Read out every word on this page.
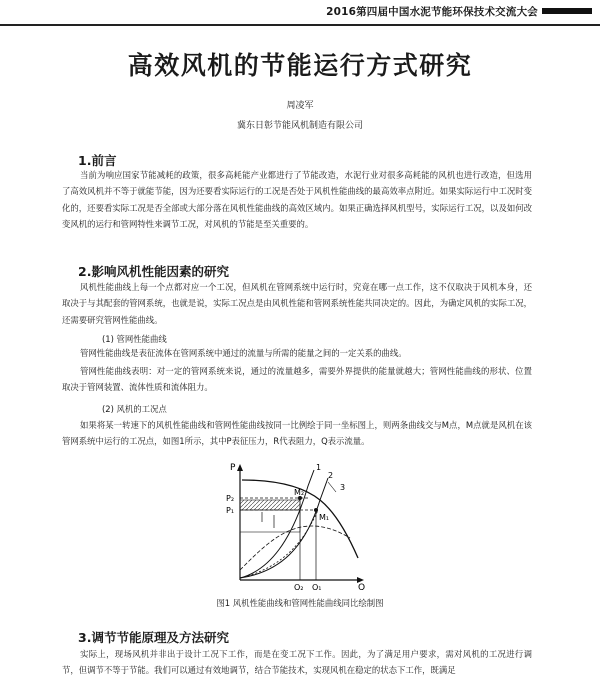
2016第四届中国水泥节能环保技术交流大会
高效风机的节能运行方式研究
周凌军
冀东日彰节能风机制造有限公司
1.前言

当前为响应国家节能减耗的政策，很多高耗能产业都进行了节能改造，水泥行业对很多高耗能的风机也进行改造，但选用了高效风机并不等于就能节能，因为还要看实际运行的工况是否处于风机性能曲线的最高效率点附近。如果实际运行中工况时变化的，还要看实际工况是否全部或大部分落在风机性能曲线的高效区域内。如果正确选择风机型号，实际运行工况，以及如何改变风机的运行和管网特性来调节工况，对风机的节能是至关重要的。

2.影响风机性能因素的研究

风机性能曲线上每一个点都对应一个工况，但风机在管网系统中运行时，究竟在哪一点工作，这不仅取决于风机本身，还取决于与其配套的管网系统，也就是说，实际工况点是由风机性能和管网系统性能共同决定的。因此，为确定风机的实际工况，还需要研究管网性能曲线。

(1) 管网性能曲线

管网性能曲线是表征流体在管网系统中通过的流量与所需的能量之间的一定关系的曲线。

管网性能曲线表明：对一定的管网系统来说，通过的流量越多，需要外界提供的能量就越大；管网性能曲线的形状、位置取决于管网装置、流体性质和流体阻力。

(2) 风机的工况点

如果将某一转速下的风机性能曲线和管网性能曲线按同一比例绘于同一坐标图上，则两条曲线交与M点，M点就是风机在该管网系统中运行的工况点，如图1所示，其中P表征压力，R代表阻力，Q表示流量。

P
Q
P₂
P₁
Q₂ Q₁
M₂
M₁
1
2
3
图1 风机性能曲线和管网性能曲线同比绘制图
3.调节节能原理及方法研究

实际上，现场风机并非出于设计工况下工作，而是在变工况下工作。因此，为了满足用户要求，需对风机的工况进行调节，但调节不等于节能。我们可以通过有效地调节，结合节能技术，实现风机在稳定的状态下工作，既满足
